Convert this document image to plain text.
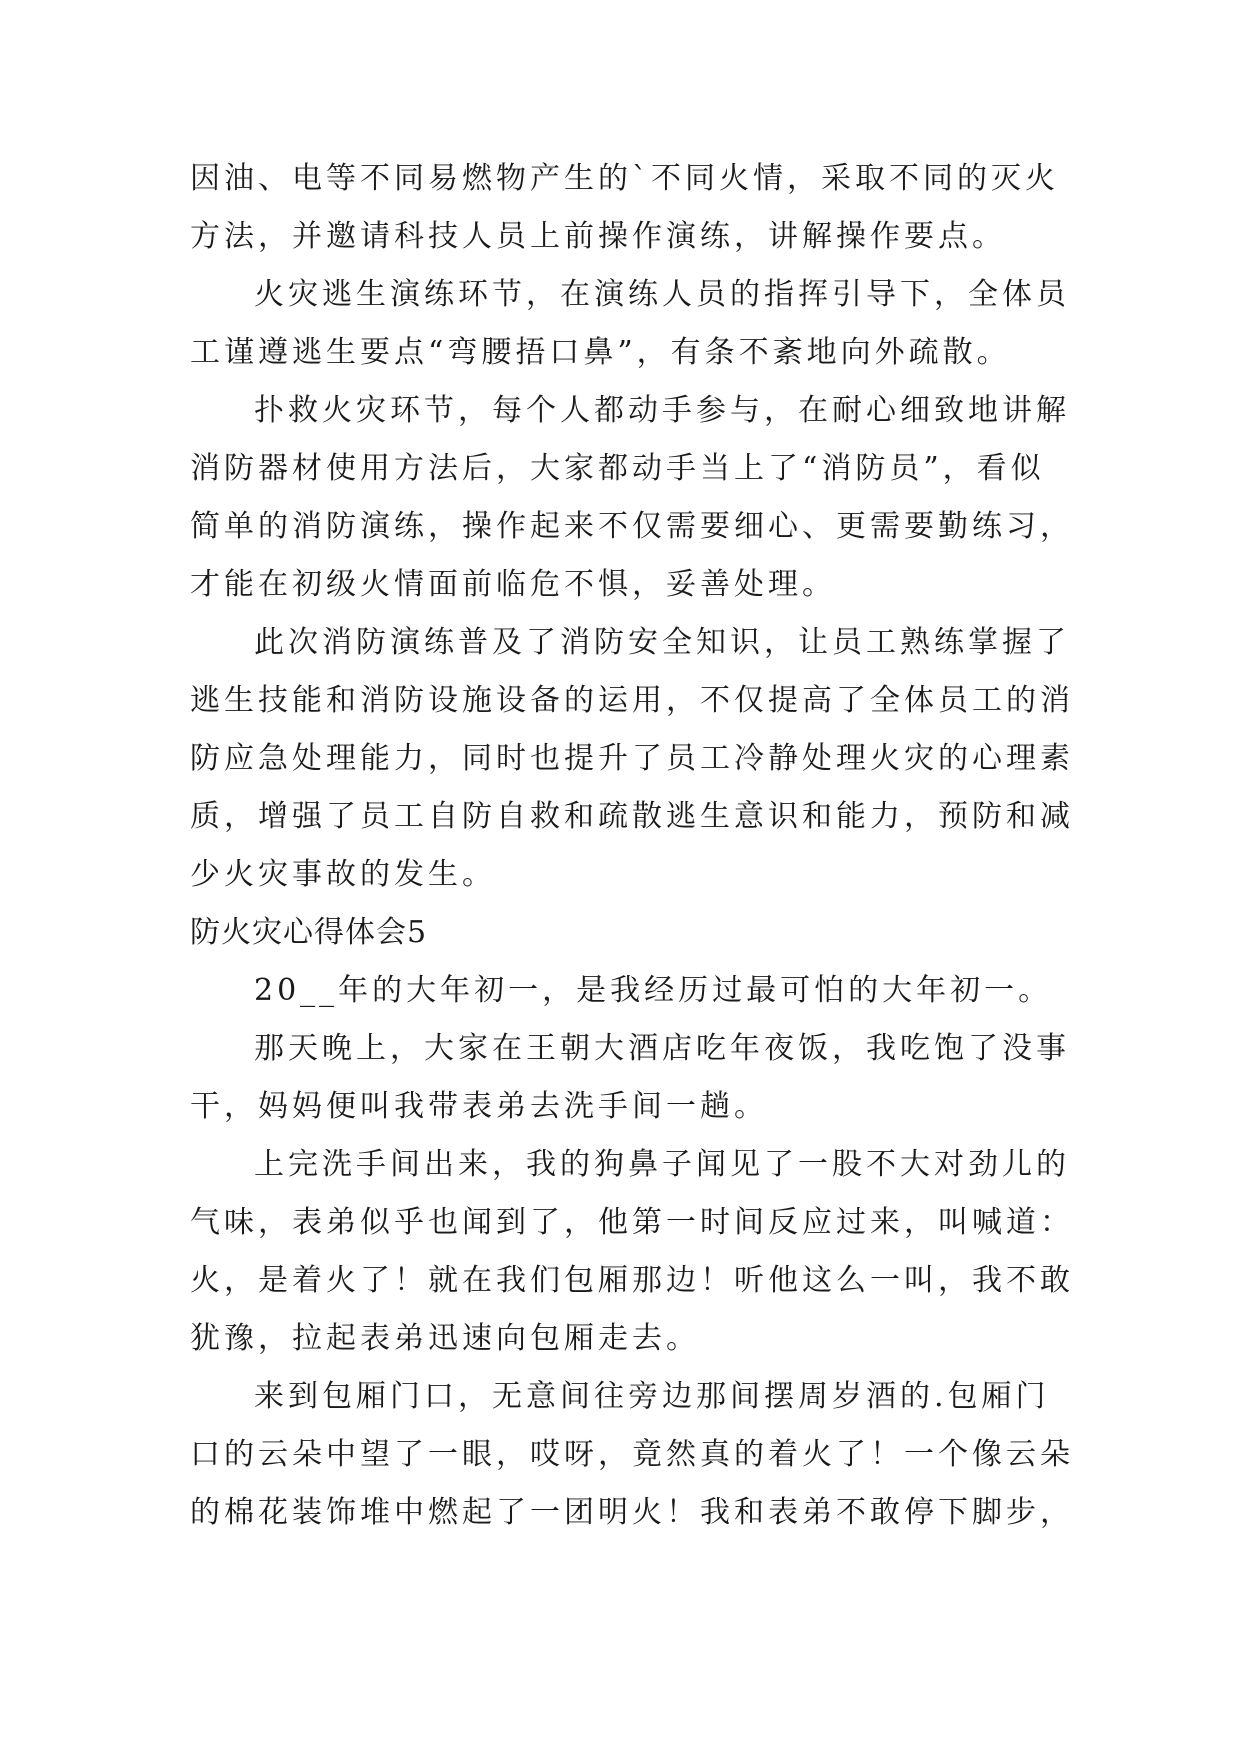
因油、电等不同易燃物产生的`不同火情，采取不同的灭火
方法，并邀请科技人员上前操作演练，讲解操作要点。
火灾逃生演练环节，在演练人员的指挥引导下，全体员
工谨遵逃生要点“弯腰捂口鼻”，有条不紊地向外疏散。
扑救火灾环节，每个人都动手参与，在耐心细致地讲解
消防器材使用方法后，大家都动手当上了“消防员”，看似
简单的消防演练，操作起来不仅需要细心、更需要勤练习，
才能在初级火情面前临危不惧，妥善处理。
此次消防演练普及了消防安全知识，让员工熟练掌握了
逃生技能和消防设施设备的运用，不仅提高了全体员工的消
防应急处理能力，同时也提升了员工冷静处理火灾的心理素
质，增强了员工自防自救和疏散逃生意识和能力，预防和减
少火灾事故的发生。
防火灾心得体会5
20__年的大年初一，是我经历过最可怕的大年初一。
那天晚上，大家在王朝大酒店吃年夜饭，我吃饱了没事
干，妈妈便叫我带表弟去洗手间一趟。
上完洗手间出来，我的狗鼻子闻见了一股不大对劲儿的
气味，表弟似乎也闻到了，他第一时间反应过来，叫喊道：
火，是着火了！就在我们包厢那边！听他这么一叫，我不敢
犹豫，拉起表弟迅速向包厢走去。
来到包厢门口，无意间往旁边那间摆周岁酒的.包厢门
口的云朵中望了一眼，哎呀，竟然真的着火了！一个像云朵
的棉花装饰堆中燃起了一团明火！我和表弟不敢停下脚步，
